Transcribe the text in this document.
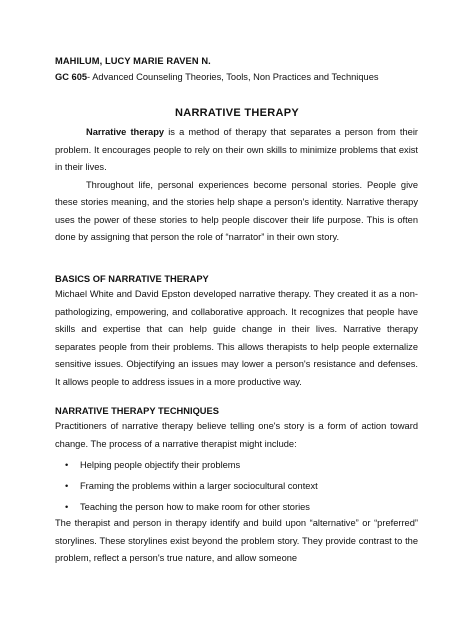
MAHILUM, LUCY MARIE RAVEN N.
GC 605- Advanced Counseling Theories, Tools, Non Practices and Techniques
NARRATIVE THERAPY

Narrative therapy is a method of therapy that separates a person from their problem. It encourages people to rely on their own skills to minimize problems that exist in their lives.

Throughout life, personal experiences become personal stories. People give these stories meaning, and the stories help shape a person's identity. Narrative therapy uses the power of these stories to help people discover their life purpose. This is often done by assigning that person the role of “narrator” in their own story.

BASICS OF NARRATIVE THERAPY

Michael White and David Epston developed narrative therapy. They created it as a non-pathologizing, empowering, and collaborative approach. It recognizes that people have skills and expertise that can help guide change in their lives. Narrative therapy separates people from their problems. This allows therapists to help people externalize sensitive issues. Objectifying an issues may lower a person's resistance and defenses. It allows people to address issues in a more productive way.

NARRATIVE THERAPY TECHNIQUES

Practitioners of narrative therapy believe telling one's story is a form of action toward change. The process of a narrative therapist might include:

• Helping people objectify their problems
• Framing the problems within a larger sociocultural context
• Teaching the person how to make room for other stories

The therapist and person in therapy identify and build upon “alternative” or “preferred” storylines. These storylines exist beyond the problem story. They provide contrast to the problem, reflect a person's true nature, and allow someone
